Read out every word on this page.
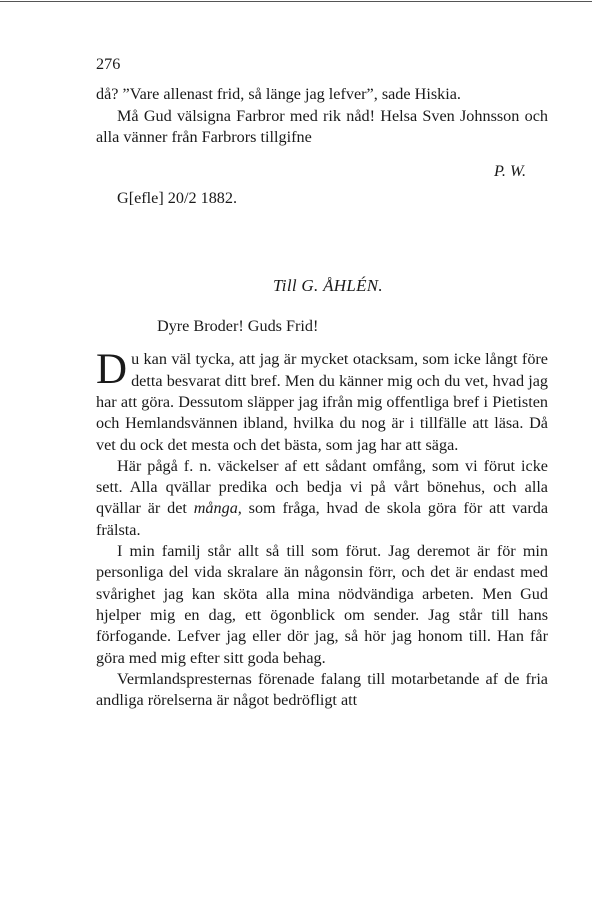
276

då? ”Vare allenast frid, så länge jag lefver”, sade Hiskia.

Må Gud välsigna Farbror med rik nåd! Helsa Sven Johnsson och alla vänner från Farbrors tillgifne

P. W.
G[efle] 20/2 1882.
Till G. ÅHLÉN.
Dyre Broder! Guds Frid!

Du kan väl tycka, att jag är mycket otacksam, som icke långt före detta besvarat ditt bref. Men du känner mig och du vet, hvad jag har att göra. Dessutom släpper jag ifrån mig offentliga bref i Pietisten och Hemlandsvännen ibland, hvilka du nog är i tillfälle att läsa. Då vet du ock det mesta och det bästa, som jag har att säga.

Här pågå f. n. väckelser af ett sådant omfång, som vi förut icke sett. Alla qvällar predika och bedja vi på vårt bönehus, och alla qvällar är det många, som fråga, hvad de skola göra för att varda frälsta.

I min familj står allt så till som förut. Jag deremot är för min personliga del vida skralare än någonsin förr, och det är endast med svårighet jag kan sköta alla mina nödvändiga arbeten. Men Gud hjelper mig en dag, ett ögonblick om sender. Jag står till hans förfogande. Lefver jag eller dör jag, så hör jag honom till. Han får göra med mig efter sitt goda behag.

Vermlandspresternas förenade falang till motarbetande af de fria andliga rörelserna är något bedröfligt att
